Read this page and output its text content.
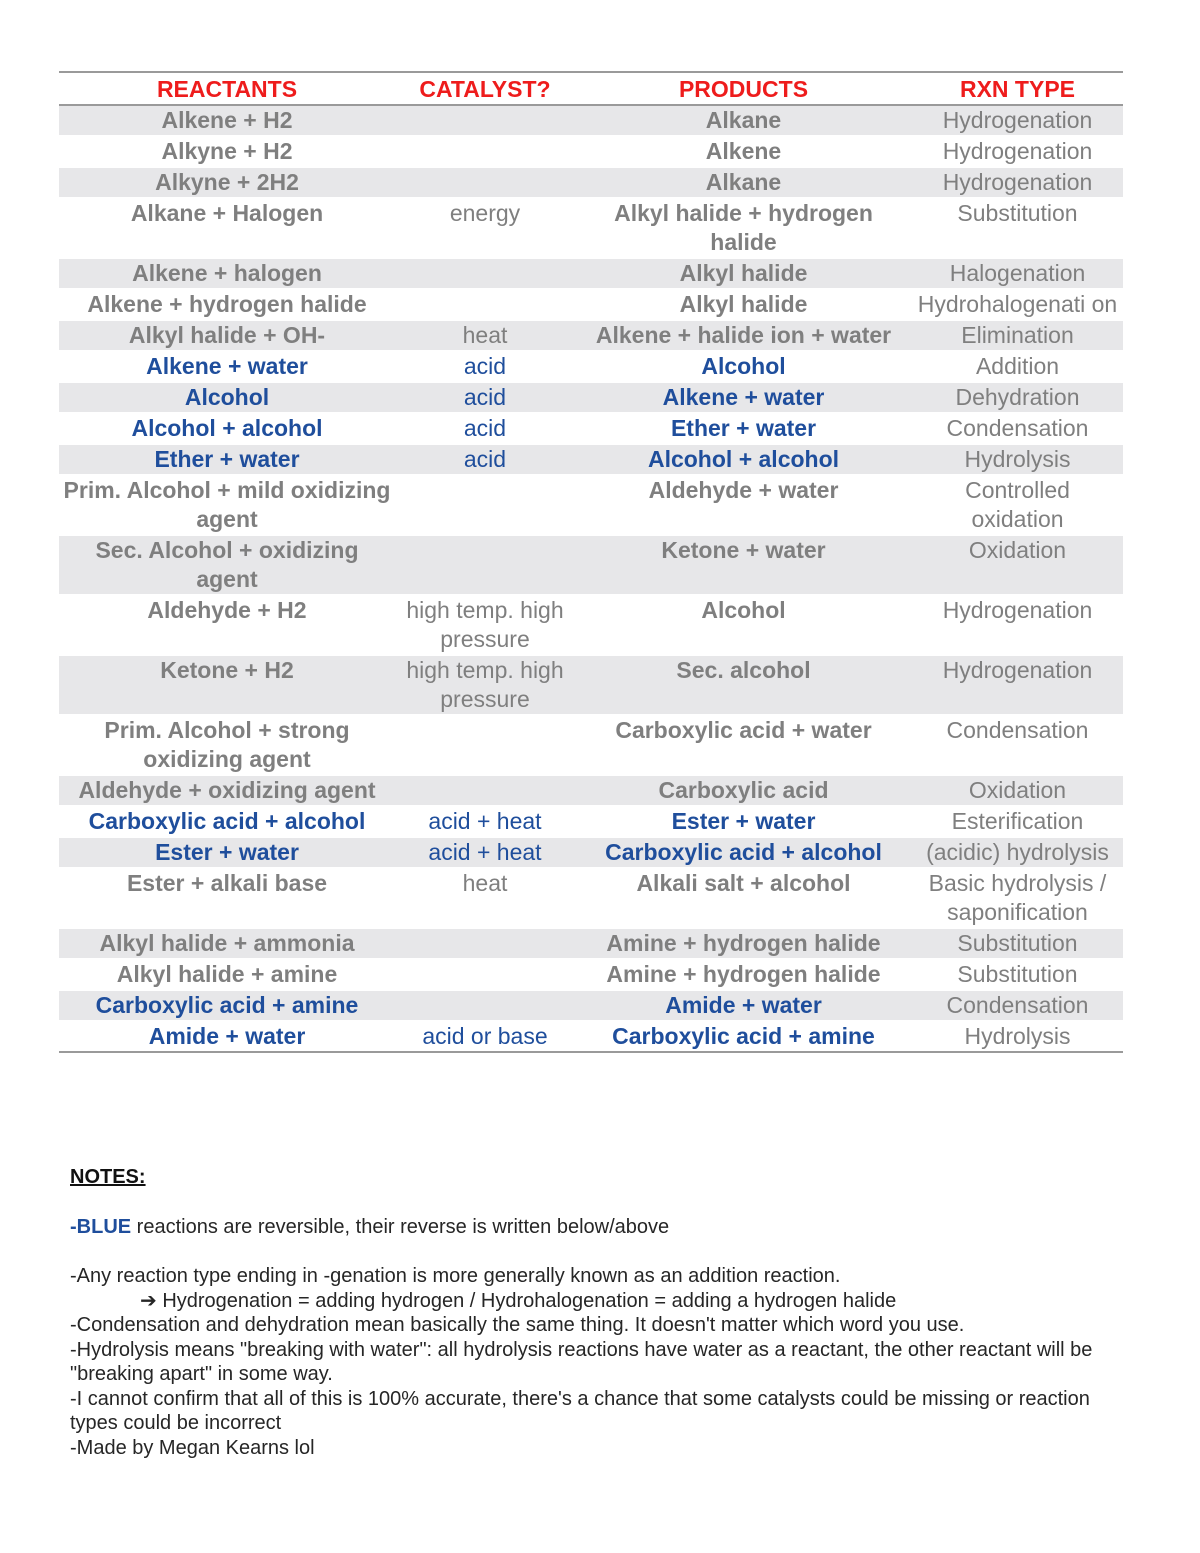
REACTANTS	CATALYST?	PRODUCTS	RXN TYPE
Alkene + H2		Alkane	Hydrogenation
Alkyne + H2		Alkene	Hydrogenation
Alkyne + 2H2		Alkane	Hydrogenation
Alkane + Halogen	energy	Alkyl halide + hydrogen halide	Substitution
Alkene + halogen		Alkyl halide	Halogenation
Alkene + hydrogen halide		Alkyl halide	Hydrohalogenati on
Alkyl halide + OH-	heat	Alkene + halide ion + water	Elimination
Alkene + water	acid	Alcohol	Addition
Alcohol	acid	Alkene + water	Dehydration
Alcohol + alcohol	acid	Ether + water	Condensation
Ether + water	acid	Alcohol + alcohol	Hydrolysis
Prim. Alcohol + mild oxidizing agent		Aldehyde + water	Controlled oxidation
Sec. Alcohol + oxidizing agent		Ketone + water	Oxidation
Aldehyde + H2	high temp. high pressure	Alcohol	Hydrogenation
Ketone + H2	high temp. high pressure	Sec. alcohol	Hydrogenation
Prim. Alcohol + strong oxidizing agent		Carboxylic acid + water	Condensation
Aldehyde + oxidizing agent		Carboxylic acid	Oxidation
Carboxylic acid + alcohol	acid + heat	Ester + water	Esterification
Ester + water	acid + heat	Carboxylic acid + alcohol	(acidic) hydrolysis
Ester + alkali base	heat	Alkali salt + alcohol	Basic hydrolysis / saponification
Alkyl halide + ammonia		Amine + hydrogen halide	Substitution
Alkyl halide + amine		Amine + hydrogen halide	Substitution
Carboxylic acid + amine		Amide + water	Condensation
Amide + water	acid or base	Carboxylic acid + amine	Hydrolysis

NOTES:

-BLUE reactions are reversible, their reverse is written below/above

-Any reaction type ending in -genation is more generally known as an addition reaction.

➔ Hydrogenation = adding hydrogen / Hydrohalogenation = adding a hydrogen halide

-Condensation and dehydration mean basically the same thing. It doesn't matter which word you use.

-Hydrolysis means "breaking with water": all hydrolysis reactions have water as a reactant, the other reactant will be "breaking apart" in some way.

-I cannot confirm that all of this is 100% accurate, there's a chance that some catalysts could be missing or reaction types could be incorrect

-Made by Megan Kearns lol
